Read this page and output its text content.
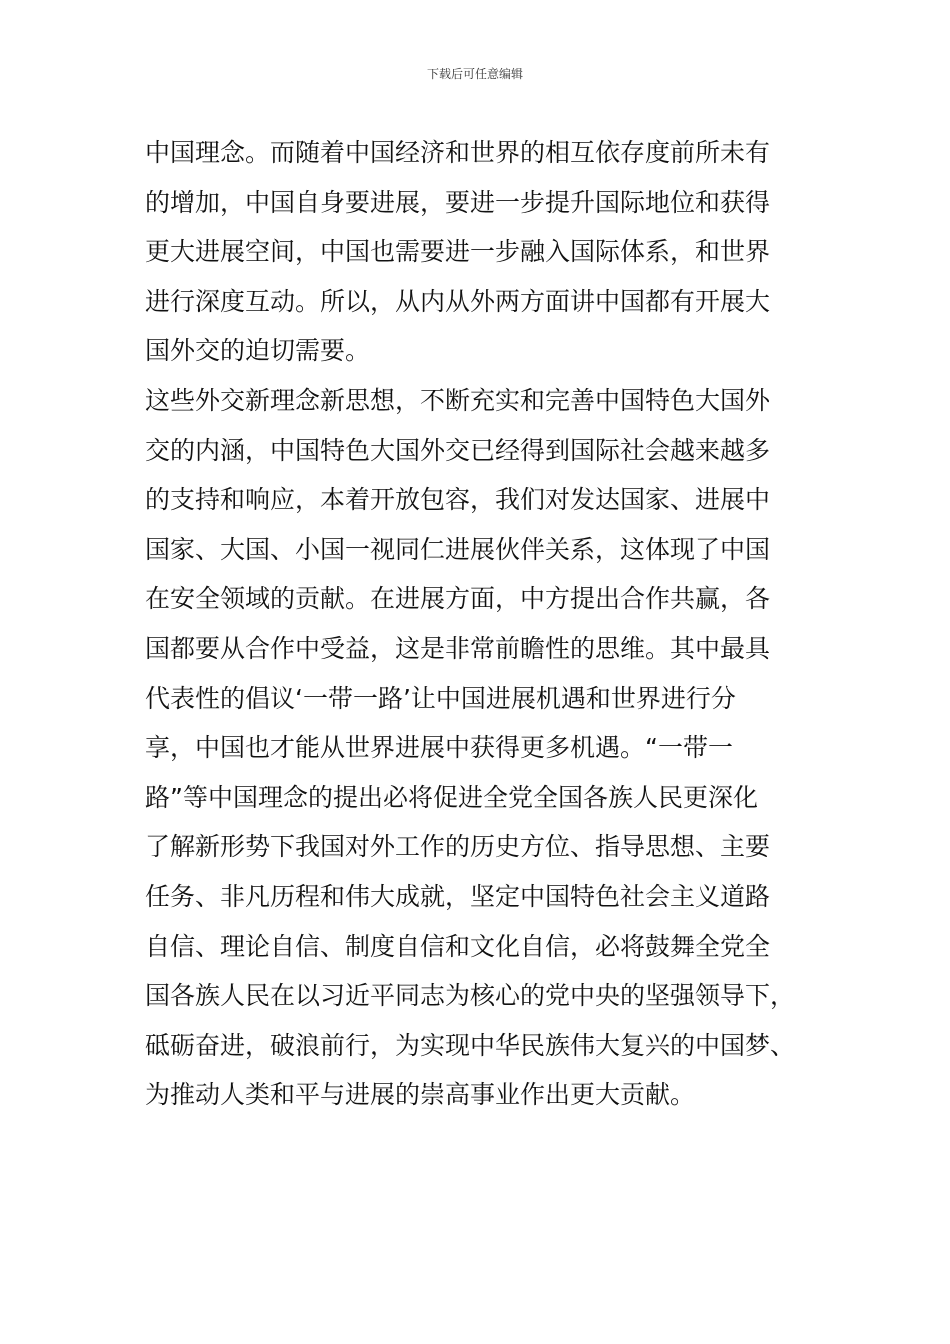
下载后可任意编辑
中国理念。而随着中国经济和世界的相互依存度前所未有
的增加，中国自身要进展，要进一步提升国际地位和获得
更大进展空间，中国也需要进一步融入国际体系，和世界
进行深度互动。所以，从内从外两方面讲中国都有开展大
国外交的迫切需要。
这些外交新理念新思想，不断充实和完善中国特色大国外
交的内涵，中国特色大国外交已经得到国际社会越来越多
的支持和响应，本着开放包容，我们对发达国家、进展中
国家、大国、小国一视同仁进展伙伴关系，这体现了中国
在安全领域的贡献。在进展方面，中方提出合作共赢，各
国都要从合作中受益，这是非常前瞻性的思维。其中最具
代表性的倡议‘一带一路’让中国进展机遇和世界进行分
享，中国也才能从世界进展中获得更多机遇。“一带一
路”等中国理念的提出必将促进全党全国各族人民更深化
了解新形势下我国对外工作的历史方位、指导思想、主要
任务、非凡历程和伟大成就，坚定中国特色社会主义道路
自信、理论自信、制度自信和文化自信，必将鼓舞全党全
国各族人民在以习近平同志为核心的党中央的坚强领导下，
砥砺奋进，破浪前行，为实现中华民族伟大复兴的中国梦、
为推动人类和平与进展的崇高事业作出更大贡献。
